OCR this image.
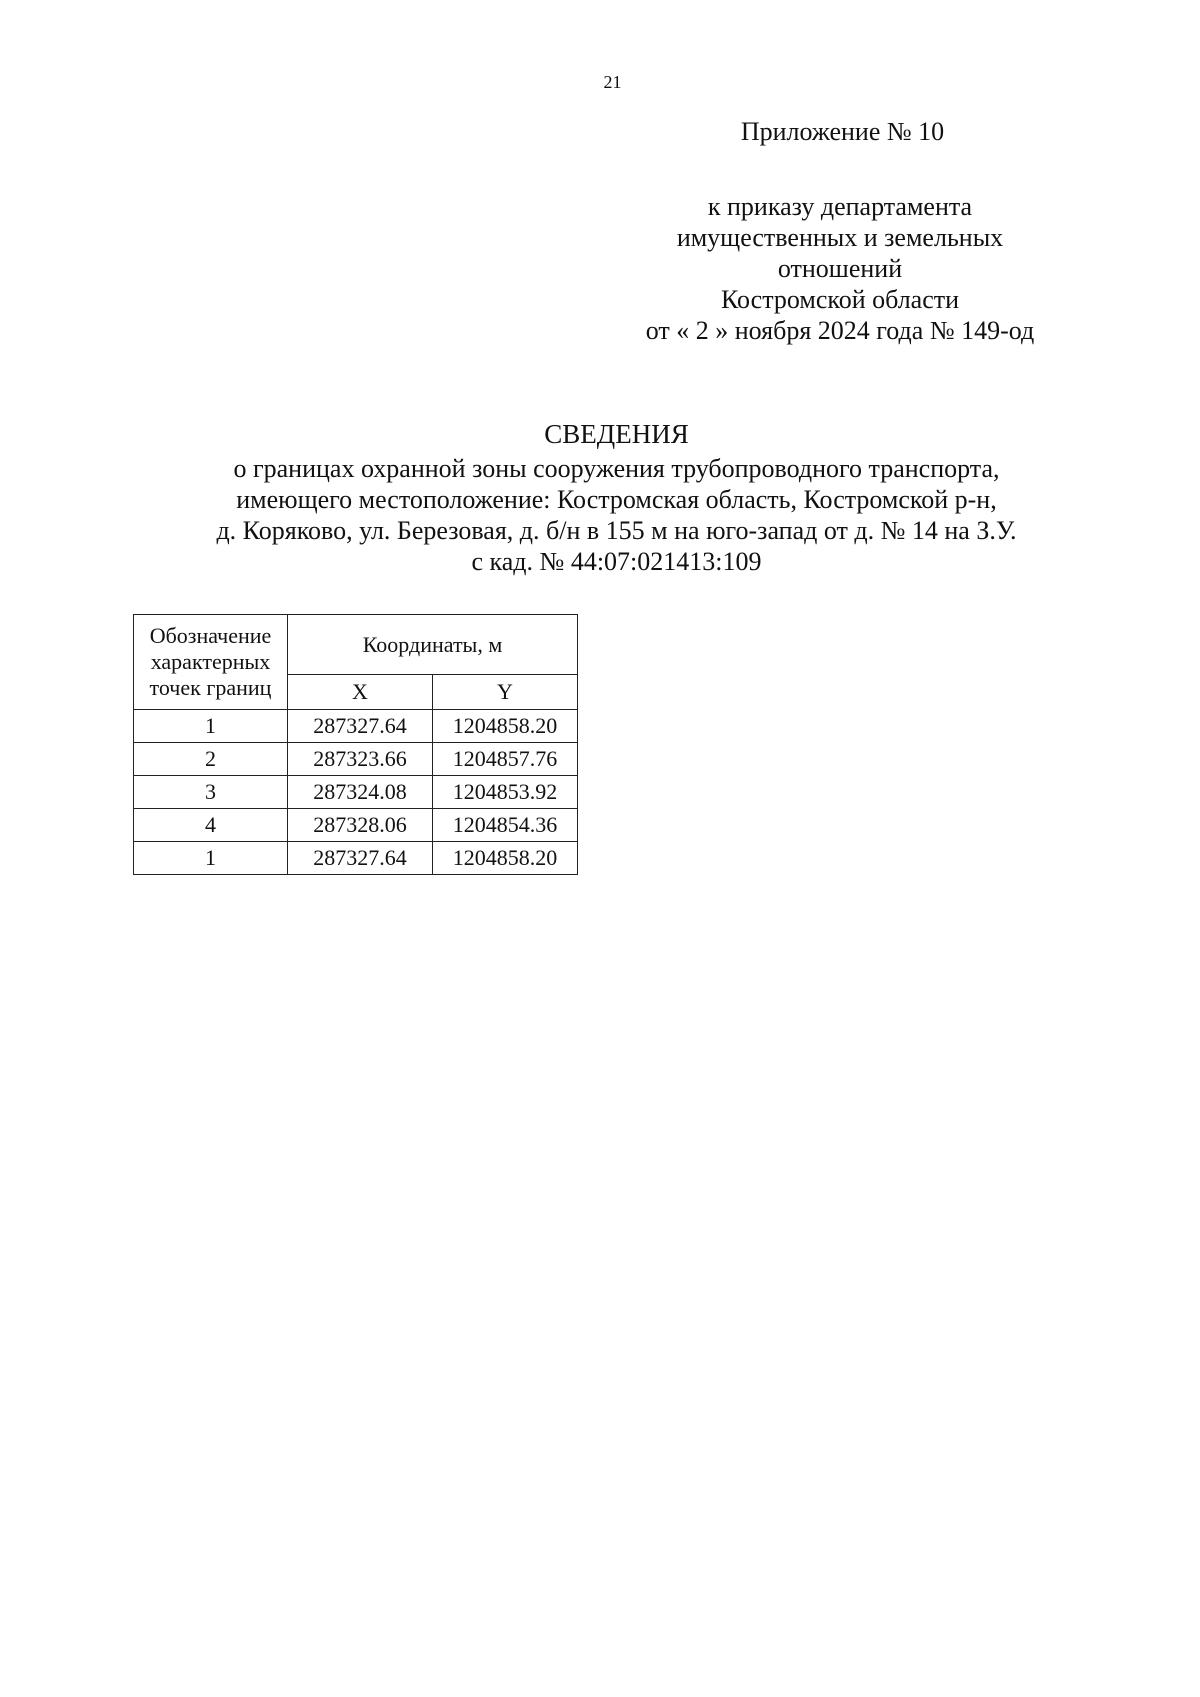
21
Приложение № 10
к приказу департамента
имущественных и земельных
отношений
Костромской области
от « 2 » ноября 2024 года № 149-од
СВЕДЕНИЯ
о границах охранной зоны сооружения трубопроводного транспорта,
имеющего местоположение: Костромская область, Костромской р-н,
д. Коряково, ул. Березовая, д. б/н в 155 м на юго-запад от д. № 14 на З.У.
с кад. № 44:07:021413:109
Обозначение
характерных
точек границ	Координаты, м	
	X	Y
1	287327.64	1204858.20
2	287323.66	1204857.76
3	287324.08	1204853.92
4	287328.06	1204854.36
1	287327.64	1204858.20
